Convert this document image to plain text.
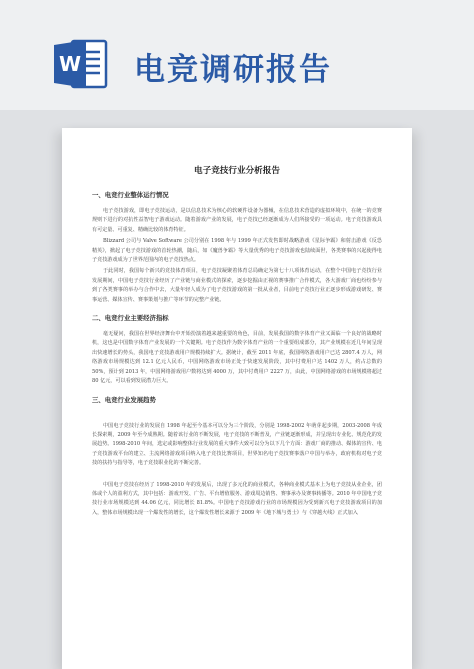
W 电竞调研报告
电子竞技行业分析报告
一、电竞行业整体运行情况
电子竞技游戏，即电子竞技运动，是以信息技术为核心的软硬件设备为器械，在信息技术营造的虚拟环境中，在统一的竞赛规则下进行的对抗性益智电子游戏运动。随着游戏产业的发展，电子竞技已经逐渐成为人们所接受的一项运动。电子竞技游戏具有可定量、可重复、精确比较的体育特征。
Blizzard 公司与 Valve Software 公司分别在 1998 年与 1999 年正式发售即时战略游戏《星际争霸》和射击游戏《反恐精英》，掀起了电子竞技游戏的首轮热潮，随后，如《魔兽争霸》等大量优秀的电子竞技游戏也陆续面世，各类赛事的兴起使得电子竞技游戏成为了世界范围内的电子竞技热点。
于此同时，我国每个新兴的竞技体育项目，电子竞技凝聚着体育总局确定为第七十八项体育运动，在整个中国电子竞技行业发展期间，中国电子竞技行业经历了产业链与商业模式的探索，逐步挖掘由正视的赛事推广合作模式，各大游戏厂商也纷纷参与到了各类赛事的举办与合作中去，大量年轻人成为了电子竞技游戏的第一批从业者，目前电子竞技行业正逐步形成游戏研发、赛事运营、媒体宣传、赛事策划与推广等环节的完整产业链。
二、电竞行业主要经济指标
毫无疑问，我国在世界经济舞台中开始扮演着越来越重要的角色，目前，发展我国的数字体育产业又面临一个良好的战略时机，这也是中国数字体育产业发展的一个关键期。电子竞技作为数字体育产业的一个重要组成部分，其产业规模在近几年间呈现出快速增长的势头，我国电子竞技游戏用户规模持续扩大。据统计，截至 2011 年底，我国网络游戏用户已达 2807.4 万人，网络游戏市场规模达到 12.1 亿元人民币，中国网络游戏市场正处于快速发展阶段，其中付费用户达 1402 万人，约占总数的 50%，预计到 2013 年，中国网络游戏用户数将达到 4000 万，其中付费用户 2227 万，由此，中国网络游戏的市场规模将超过 80 亿元，可以看到发展潜力巨大。
三、电竞行业发展趋势
中国电子竞技行业的发展自 1998 年起至今基本可以分为三个阶段，分别是 1998-2002 年萌芽起步期，2003-2008 年成长探索期，2009 年至今成熟期。随着该行业的不断发展，电子竞技的不断普及，产业链逐渐形成，并呈现出专业化、规范化的发展趋势。1998-2010 年间，选定或影响整体行业发展的重大事件大致可以分为以下几个方面：游戏厂商的推动、媒体的宣传、电子竞技游戏平台的建立、主流网络游戏项目纳入电子竞技比赛项目，世界知名电子竞技赛事落户中国与举办，政府机构对电子竞技的扶持与指导等，电子竞技职业化的不断完善。
中国电子竞技在经历了 1998-2010 年的发展后，出现了多元化的商业模式，各种商业模式基本上为电子竞技从业企业，团体或个人的盈利方式，其中包括：游戏开发、广告、平台增值服务、游戏周边销售、赛事承办及赛事转播等。2010 年中国电子竞技行业市场规模达到 44.06 亿元，同比增长 81.8%。中国电子竞技游戏行业的市场规模因为受到新兴电子竞技游戏项目的加入，整体市场规模出现一个爆发性的增长，这个爆发性增长来源于 2009 年《地下城与勇士》与《穿越火线》正式加入
